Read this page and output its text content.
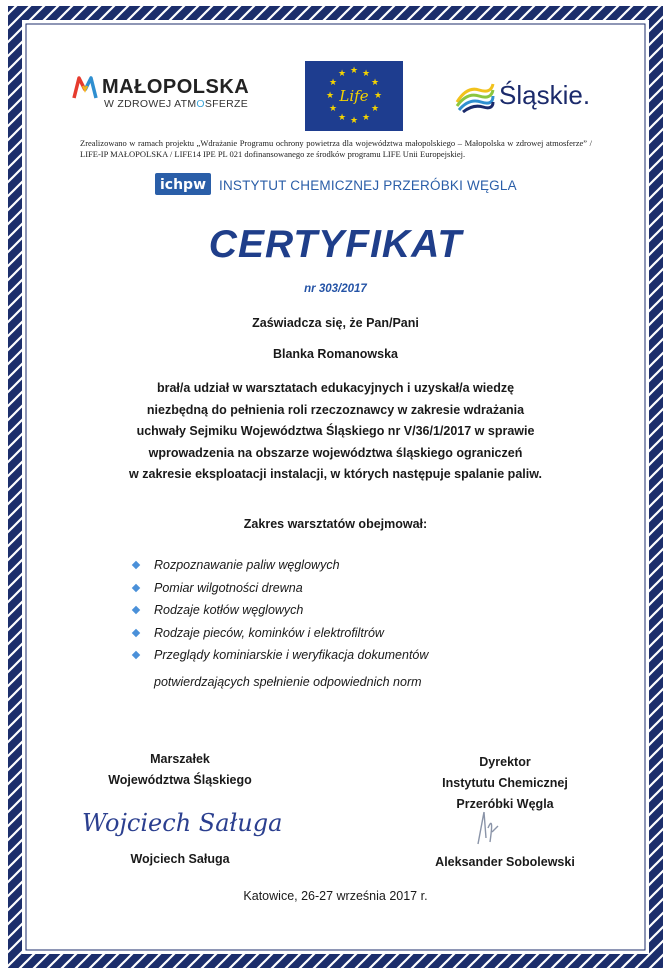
MAŁOPOLSKA
W ZDROWEJ ATMOSFERZE
★ ★
★
★
★
★
★
★
★
★
★
★
Life	Śląskie.
Zrealizowano w ramach projektu „Wdrażanie Programu ochrony powietrza dla województwa małopolskiego – Małopolska w zdrowej atmosferze” / LIFE-IP MAŁOPOLSKA / LIFE14 IPE PL 021 dofinansowanego ze środków programu LIFE Unii Europejskiej.
ichpw INSTYTUT CHEMICZNEJ PRZERÓBKI WĘGLA
CERTYFIKAT
nr 303/2017
Zaświadcza się, że Pan/Pani
Blanka Romanowska
brał/a udział w warsztatach edukacyjnych i uzyskał/a wiedzę
niezbędną do pełnienia roli rzeczoznawcy w zakresie wdrażania
uchwały Sejmiku Województwa Śląskiego nr V/36/1/2017 w sprawie
wprowadzenia na obszarze województwa śląskiego ograniczeń
w zakresie eksploatacji instalacji, w których następuje spalanie paliw.
Zakres warsztatów obejmował:
Rozpoznawanie paliw węglowych
Pomiar wilgotności drewna
Rodzaje kotłów węglowych
Rodzaje pieców, kominków i elektrofiltrów
Przeglądy kominiarskie i weryfikacja dokumentów
potwierdzających spełnienie odpowiednich norm
Marszałek
Województwa Śląskiego
Wojciech Saługa
Wojciech Saługa
Dyrektor
Instytutu Chemicznej
Przeróbki Węgla
Aleksander Sobolewski
Katowice, 26-27 września 2017 r.
